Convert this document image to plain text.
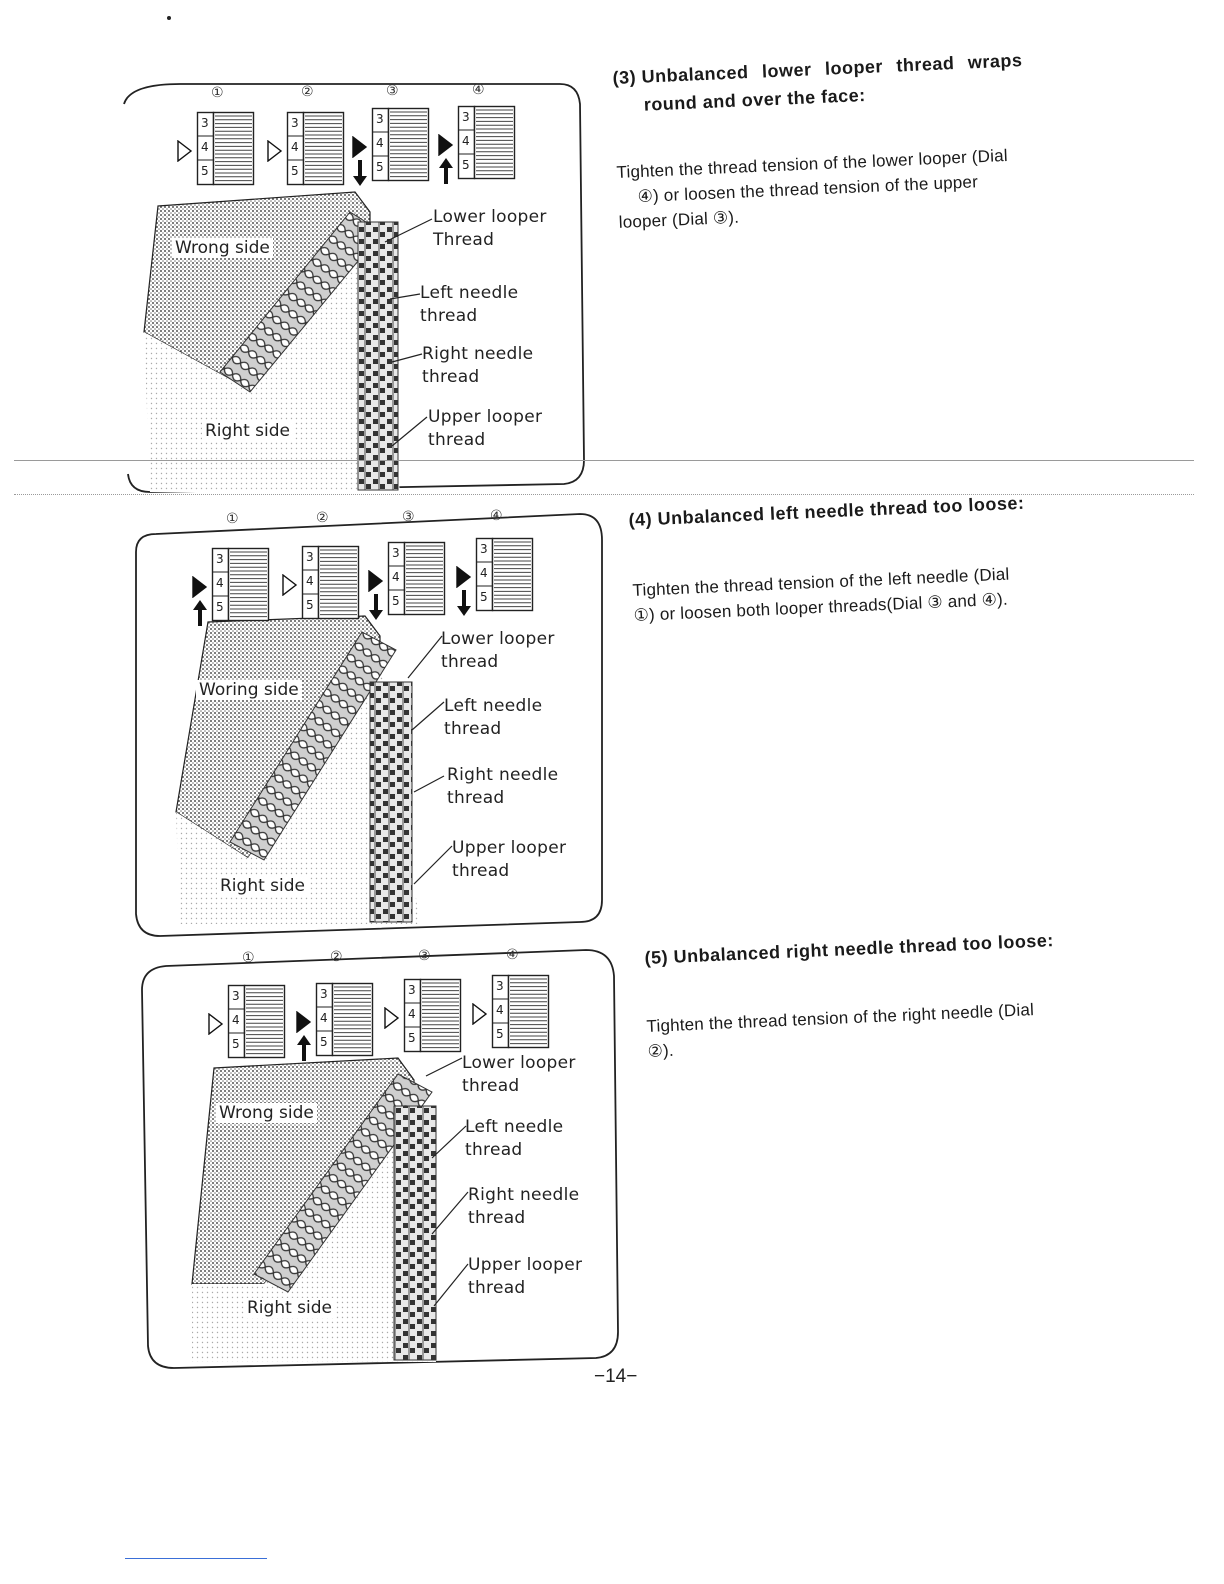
①
3
4
5
②
3
4
5
③
3
4
5
④
3
4
5
①
3
4
5
②
3
4
5
③
3
4
5
④
3
4
5
①
3
4
5
②
3
4
5
③
3
4
5
④
3
4
5
Wrong side
Right side
Lower looper
Thread
Left needle
thread
Right needle
thread
Upper looper
thread
Woring side
Right side
Lower looper
thread
Left needle
thread
Right needle
thread
Upper looper
thread
Wrong side
Right side
Lower looper
thread
Left needle
thread
Right needle
thread
Upper looper
thread
(3) Unbalanced lower looper thread wraps
round and over the face:
Tighten the thread tension of the lower looper (Dial
④) or loosen the thread tension of the upper
looper (Dial ③).
(4) Unbalanced left needle thread too loose:
Tighten the thread tension of the left needle (Dial
①) or loosen both looper threads(Dial ③ and ④).
(5) Unbalanced right needle thread too loose:
Tighten the thread tension of the right needle (Dial
②).
−14−
